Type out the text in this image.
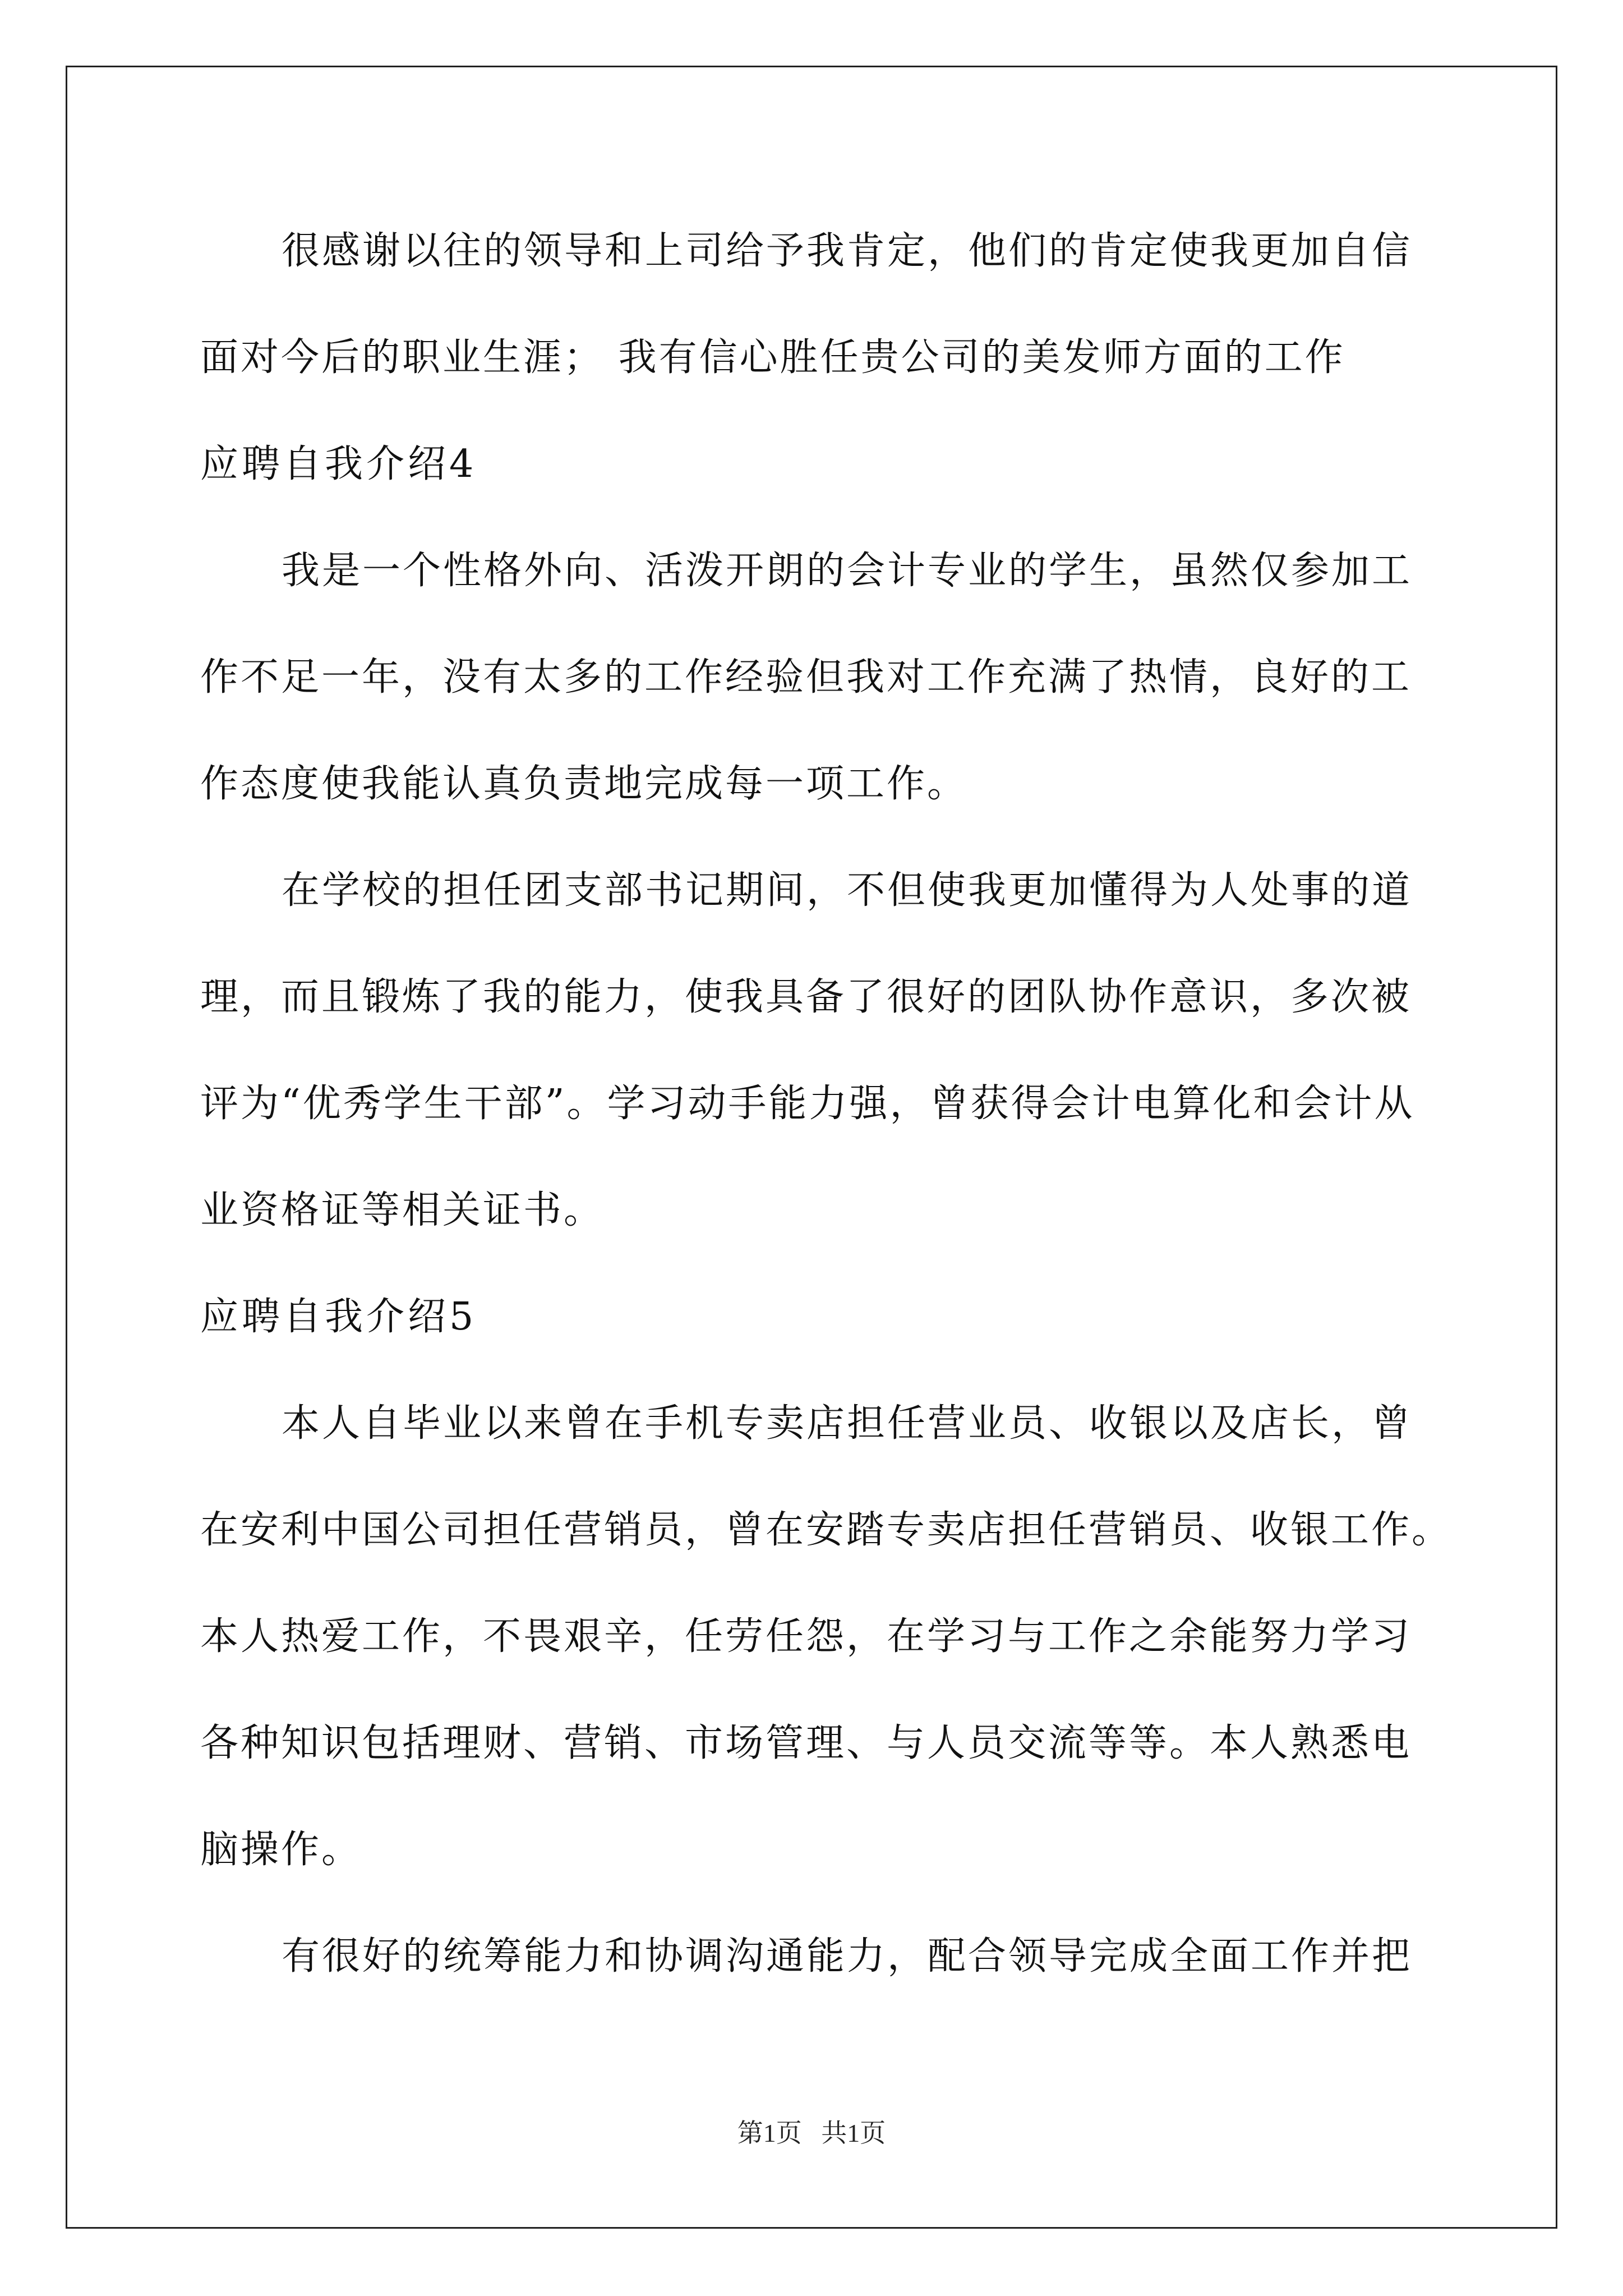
很感谢以往的领导和上司给予我肯定，他们的肯定使我更加自信
面对今后的职业生涯； 我有信心胜任贵公司的美发师方面的工作
应聘自我介绍4
我是一个性格外向、活泼开朗的会计专业的学生，虽然仅参加工
作不足一年，没有太多的工作经验但我对工作充满了热情，良好的工
作态度使我能认真负责地完成每一项工作。
在学校的担任团支部书记期间，不但使我更加懂得为人处事的道
理，而且锻炼了我的能力，使我具备了很好的团队协作意识，多次被
评为“优秀学生干部”。学习动手能力强，曾获得会计电算化和会计从
业资格证等相关证书。
应聘自我介绍5
本人自毕业以来曾在手机专卖店担任营业员、收银以及店长，曾
在安利中国公司担任营销员，曾在安踏专卖店担任营销员、收银工作。
本人热爱工作，不畏艰辛，任劳任怨，在学习与工作之余能努力学习
各种知识包括理财、营销、市场管理、与人员交流等等。本人熟悉电
脑操作。
有很好的统筹能力和协调沟通能力，配合领导完成全面工作并把
第1页   共1页
